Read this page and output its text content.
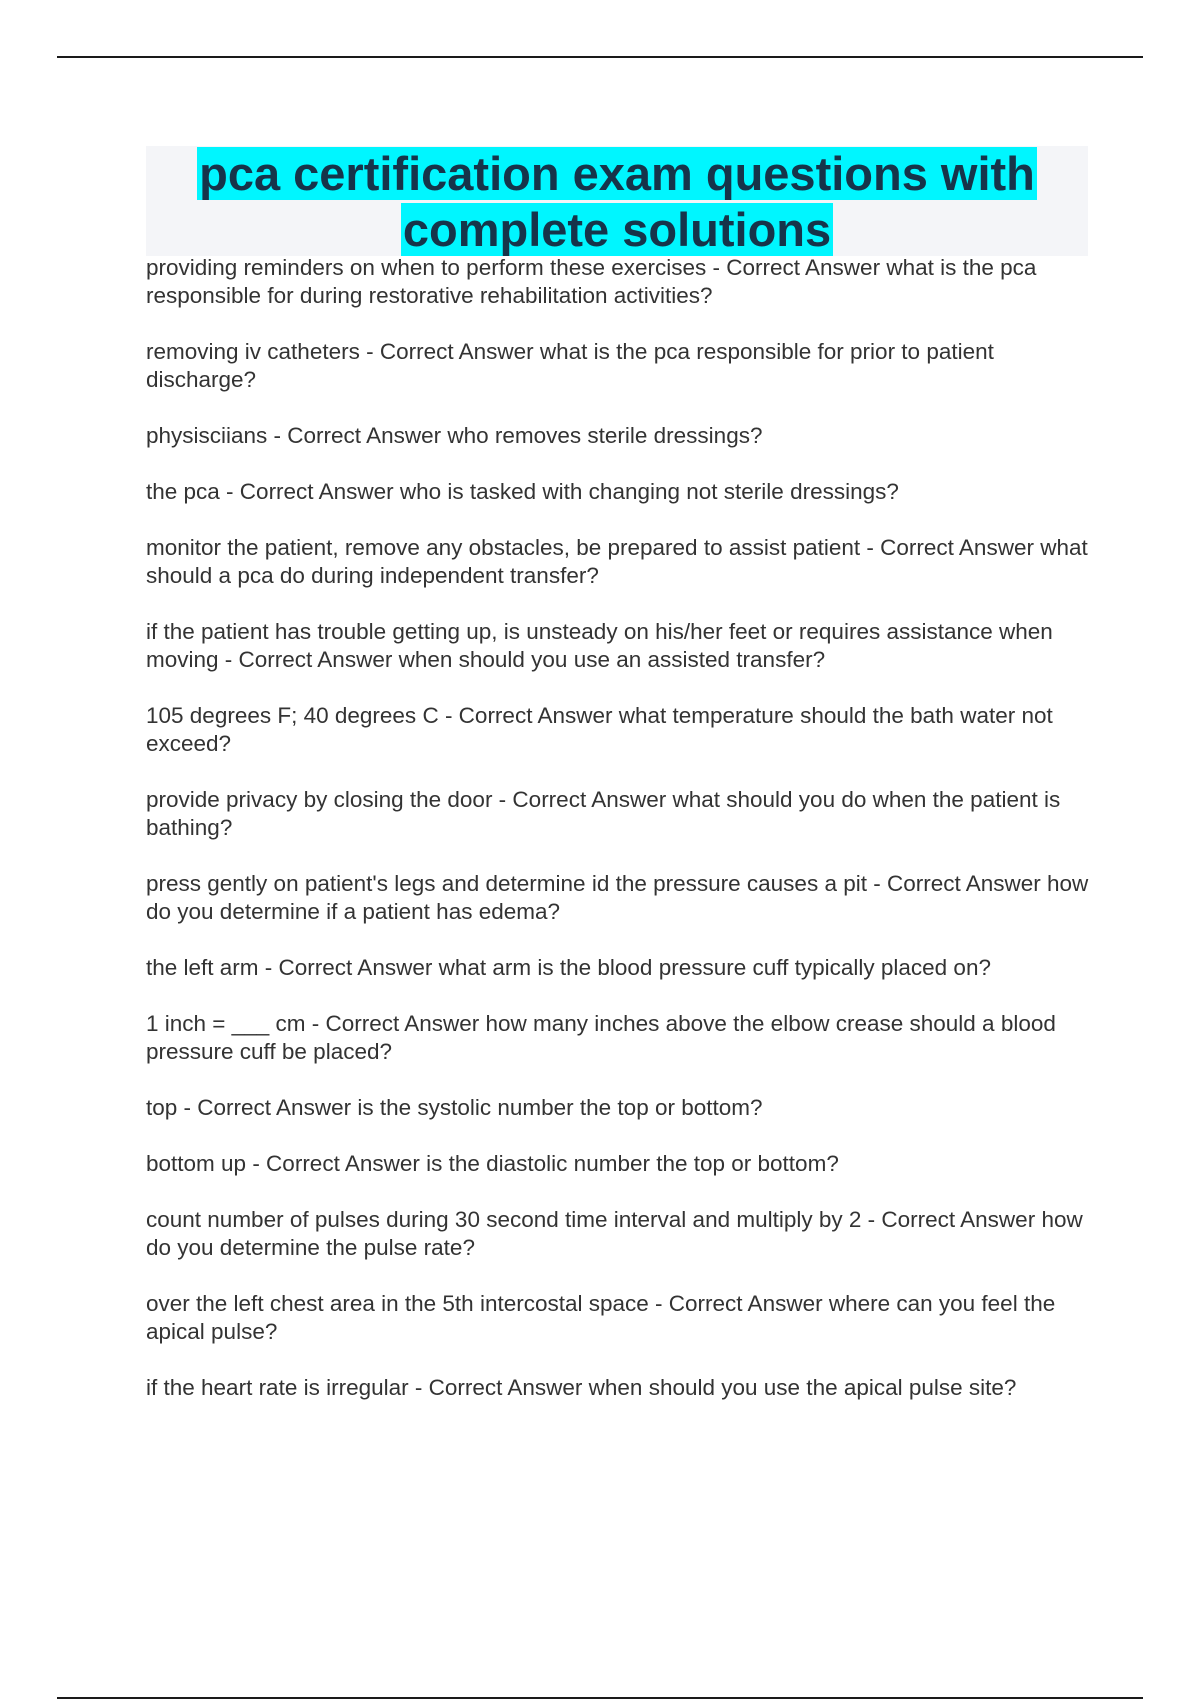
pca certification exam questions with
complete solutions
providing reminders on when to perform these exercises - Correct Answer what is the pca responsible for during restorative rehabilitation activities?
removing iv catheters - Correct Answer what is the pca responsible for prior to patient discharge?
physisciians - Correct Answer who removes sterile dressings?
the pca - Correct Answer who is tasked with changing not sterile dressings?
monitor the patient, remove any obstacles, be prepared to assist patient - Correct Answer what should a pca do during independent transfer?
if the patient has trouble getting up, is unsteady on his/her feet or requires assistance when moving - Correct Answer when should you use an assisted transfer?
105 degrees F; 40 degrees C - Correct Answer what temperature should the bath water not exceed?
provide privacy by closing the door - Correct Answer what should you do when the patient is bathing?
press gently on patient's legs and determine id the pressure causes a pit - Correct Answer how do you determine if a patient has edema?
the left arm - Correct Answer what arm is the blood pressure cuff typically placed on?
1 inch = ___ cm - Correct Answer how many inches above the elbow crease should a blood pressure cuff be placed?
top - Correct Answer is the systolic number the top or bottom?
bottom up - Correct Answer is the diastolic number the top or bottom?
count number of pulses during 30 second time interval and multiply by 2 - Correct Answer how do you determine the pulse rate?
over the left chest area in the 5th intercostal space - Correct Answer where can you feel the apical pulse?
if the heart rate is irregular - Correct Answer when should you use the apical pulse site?
